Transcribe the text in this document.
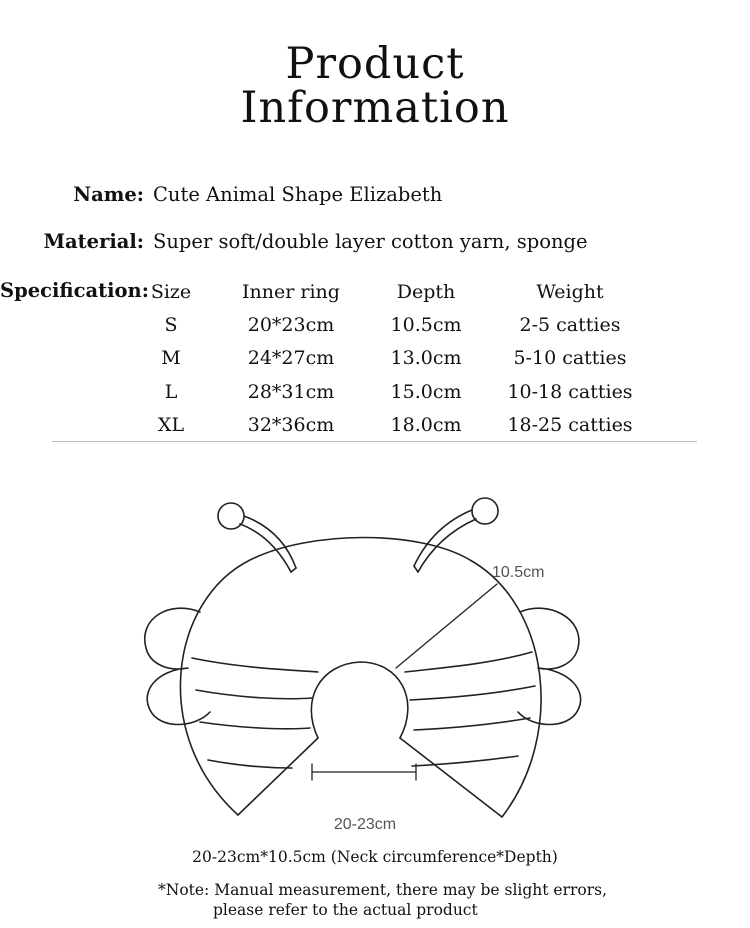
Product
Information
Name: Cute Animal Shape Elizabeth
Material: Super soft/double layer cotton yarn, sponge
Specification: Size	Inner ring	Depth	Weight
S	20*23cm	10.5cm	2-5 catties
M	24*27cm	13.0cm	5-10 catties
L	28*31cm	15.0cm	10-18 catties
XL	32*36cm	18.0cm	18-25 catties
10.5cm
20-23cm
20-23cm*10.5cm (Neck circumference*Depth)
*Note: Manual measurement, there may be slight errors,
please refer to the actual product
